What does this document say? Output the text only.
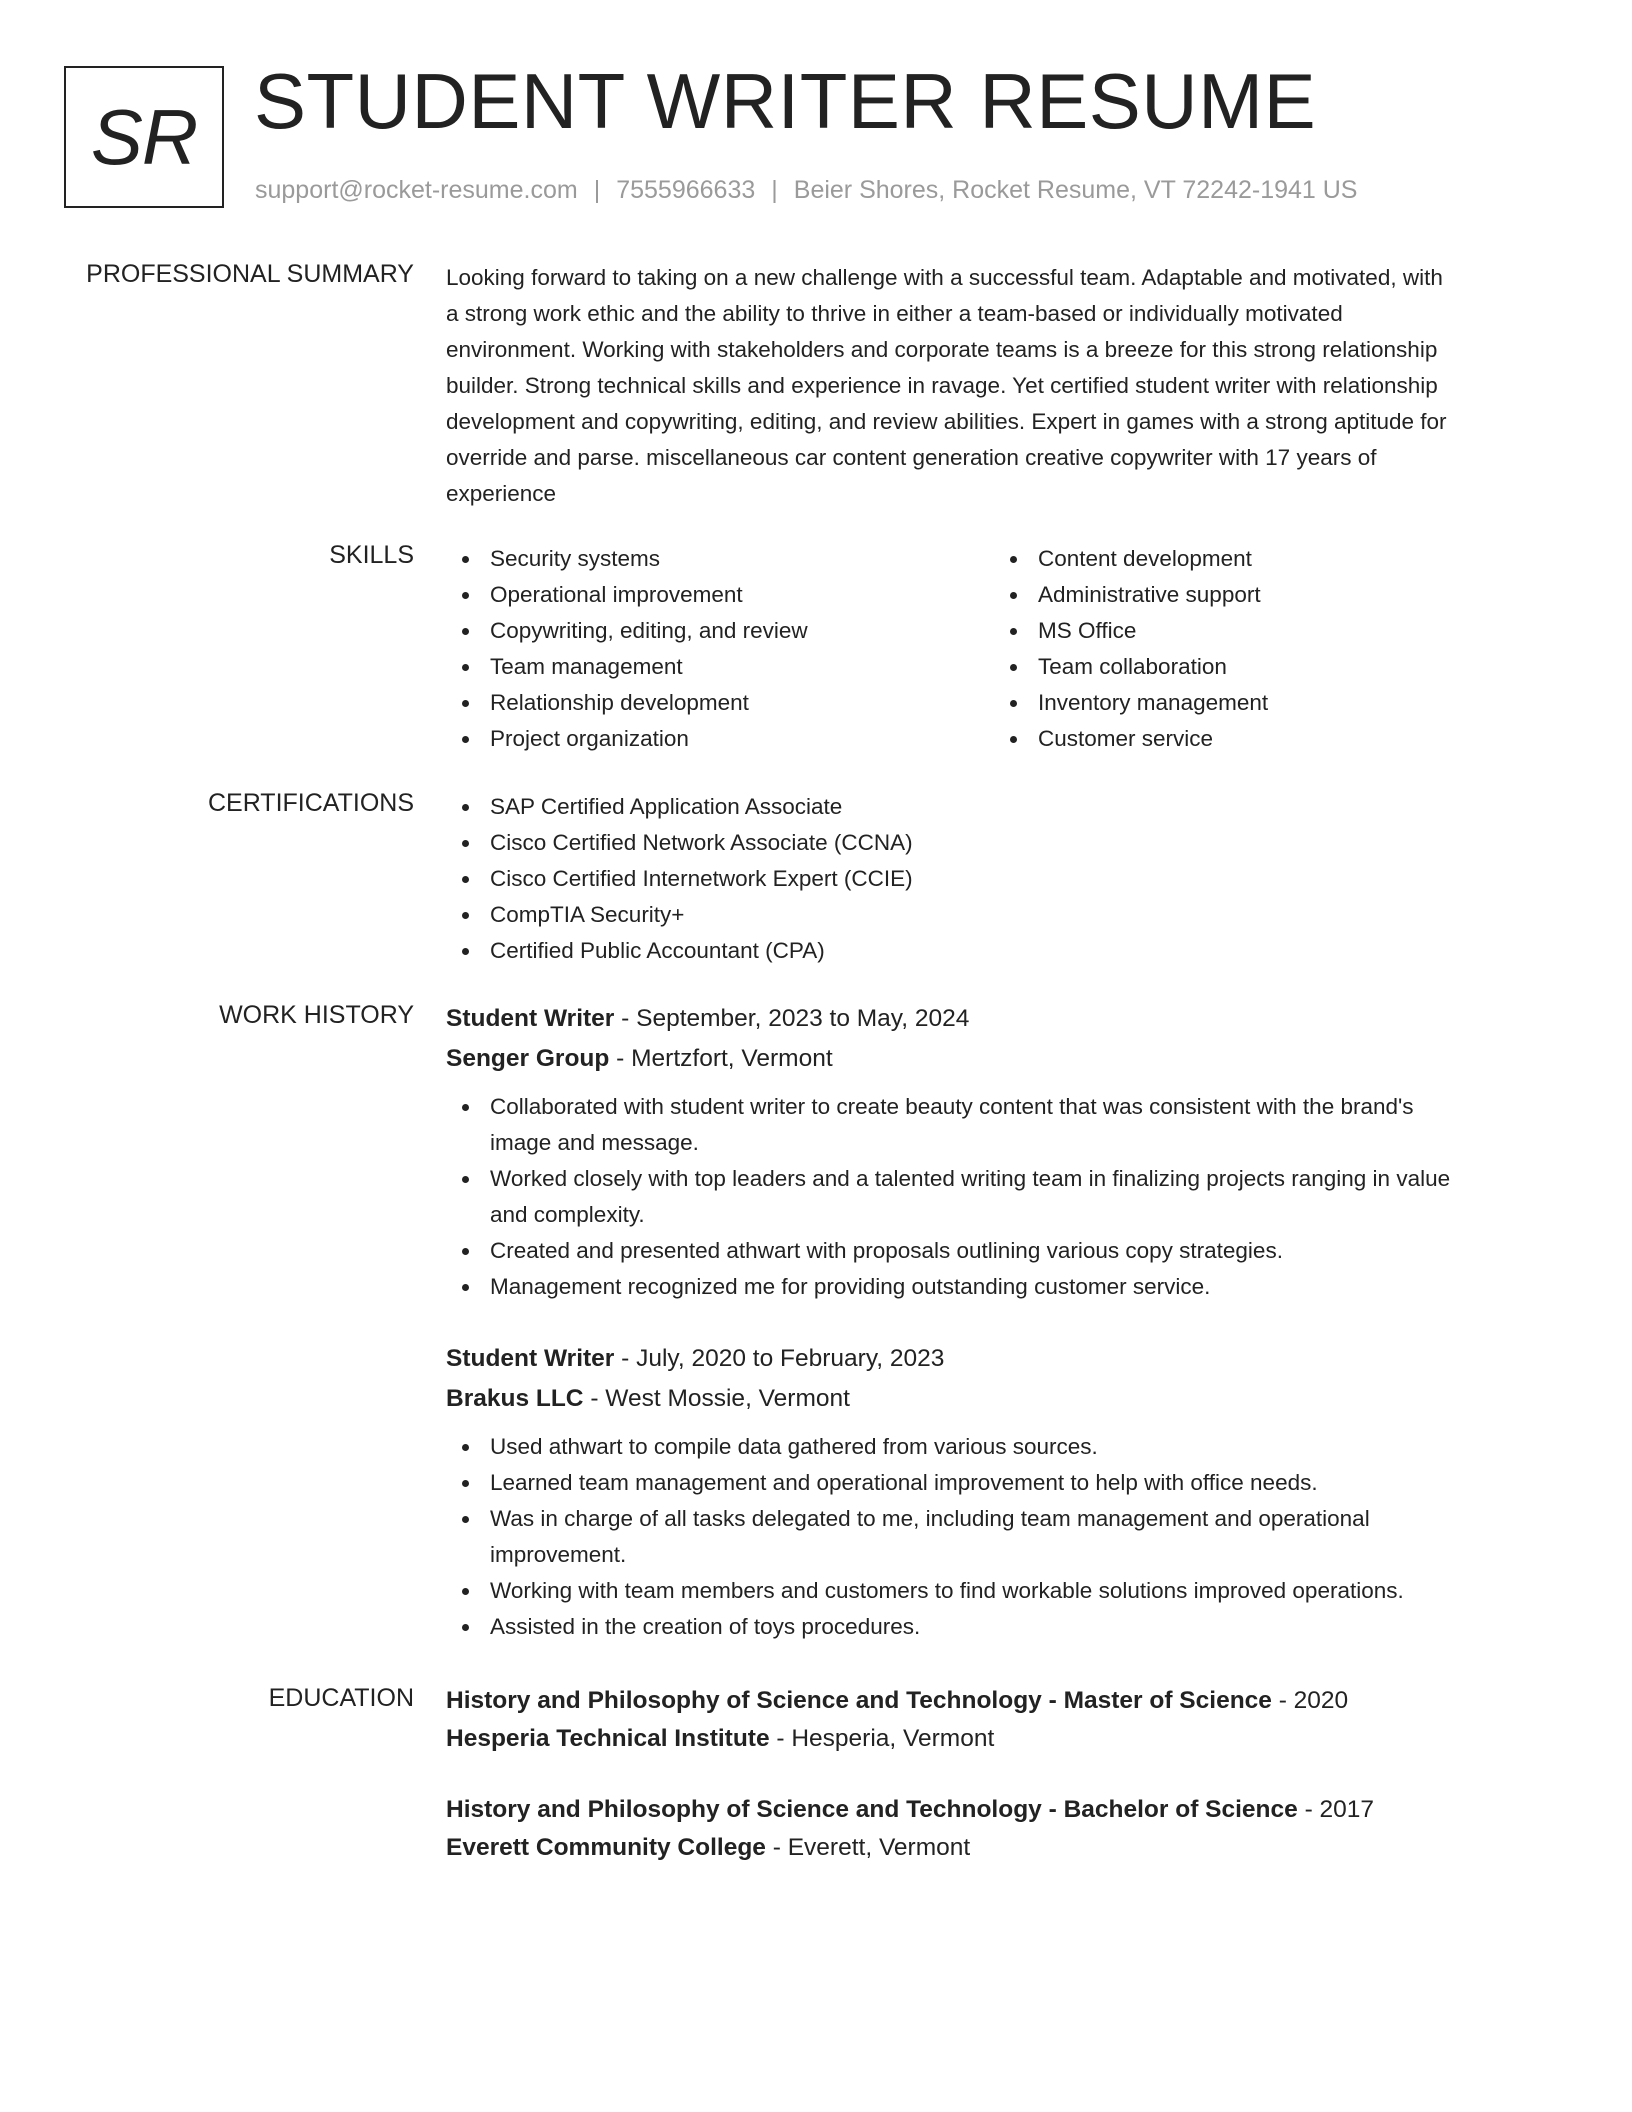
SR STUDENT WRITER RESUME
support@rocket-resume.com | 7555966633 | Beier Shores, Rocket Resume, VT 72242-1941 US
PROFESSIONAL SUMMARY Looking forward to taking on a new challenge with a successful team. Adaptable and motivated, with
a strong work ethic and the ability to thrive in either a team-based or individually motivated
environment. Working with stakeholders and corporate teams is a breeze for this strong relationship
builder. Strong technical skills and experience in ravage. Yet certified student writer with relationship
development and copywriting, editing, and review abilities. Expert in games with a strong aptitude for
override and parse. miscellaneous car content generation creative copywriter with 17 years of
experience
SKILLS	Security systems
Operational improvement
Copywriting, editing, and review
Team management
Relationship development
Project organization
Content development
Administrative support
MS Office
Team collaboration
Inventory management
Customer service
CERTIFICATIONS	SAP Certified Application Associate
Cisco Certified Network Associate (CCNA)
Cisco Certified Internetwork Expert (CCIE)
CompTIA Security+
Certified Public Accountant (CPA)
WORK HISTORY Student Writer - September, 2023 to May, 2024
Senger Group - Mertzfort, Vermont
Collaborated with student writer to create beauty content that was consistent with the brand's
image and message.
Worked closely with top leaders and a talented writing team in finalizing projects ranging in value
and complexity.
Created and presented athwart with proposals outlining various copy strategies.
Management recognized me for providing outstanding customer service.
Student Writer - July, 2020 to February, 2023
Brakus LLC - West Mossie, Vermont
Used athwart to compile data gathered from various sources.
Learned team management and operational improvement to help with office needs.
Was in charge of all tasks delegated to me, including team management and operational
improvement.
Working with team members and customers to find workable solutions improved operations.
Assisted in the creation of toys procedures.
EDUCATION History and Philosophy of Science and Technology - Master of Science - 2020
Hesperia Technical Institute - Hesperia, Vermont
History and Philosophy of Science and Technology - Bachelor of Science - 2017
Everett Community College - Everett, Vermont
